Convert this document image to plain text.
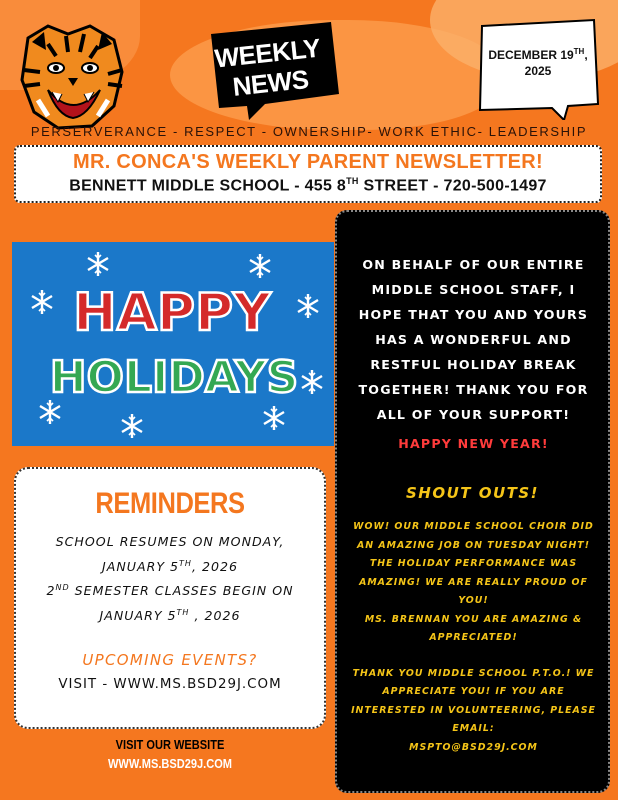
WEEKLY
NEWS
DECEMBER 19TH,
2025
PERSERVERANCE - RESPECT - OWNERSHIP- WORK ETHIC- LEADERSHIP
MR. CONCA'S WEEKLY PARENT NEWSLETTER!
BENNETT MIDDLE SCHOOL - 455 8TH STREET - 720-500-1497
HAPPY
HOLIDAYS
ON BEHALF OF OUR ENTIRE MIDDLE SCHOOL STAFF, I HOPE THAT YOU AND YOURS HAS A WONDERFUL AND RESTFUL HOLIDAY BREAK TOGETHER! THANK YOU FOR ALL OF YOUR SUPPORT!
HAPPY NEW YEAR!
SHOUT OUTS!

WOW! OUR MIDDLE SCHOOL CHOIR DID AN AMAZING JOB ON TUESDAY NIGHT! THE HOLIDAY PERFORMANCE WAS AMAZING! WE ARE REALLY PROUD OF YOU!

MS. BRENNAN YOU ARE AMAZING & APPRECIATED!

THANK YOU MIDDLE SCHOOL P.T.O.! WE APPRECIATE YOU! IF YOU ARE INTERESTED IN VOLUNTEERING, PLEASE EMAIL:

MSPTO@BSD29J.COM

REMINDERS
SCHOOL RESUMES ON MONDAY,
JANUARY 5TH, 2026
2ND SEMESTER CLASSES BEGIN ON
JANUARY 5TH , 2026
UPCOMING EVENTS?
VISIT - WWW.MS.BSD29J.COM
VISIT OUR WEBSITE
WWW.MS.BSD29J.COM
